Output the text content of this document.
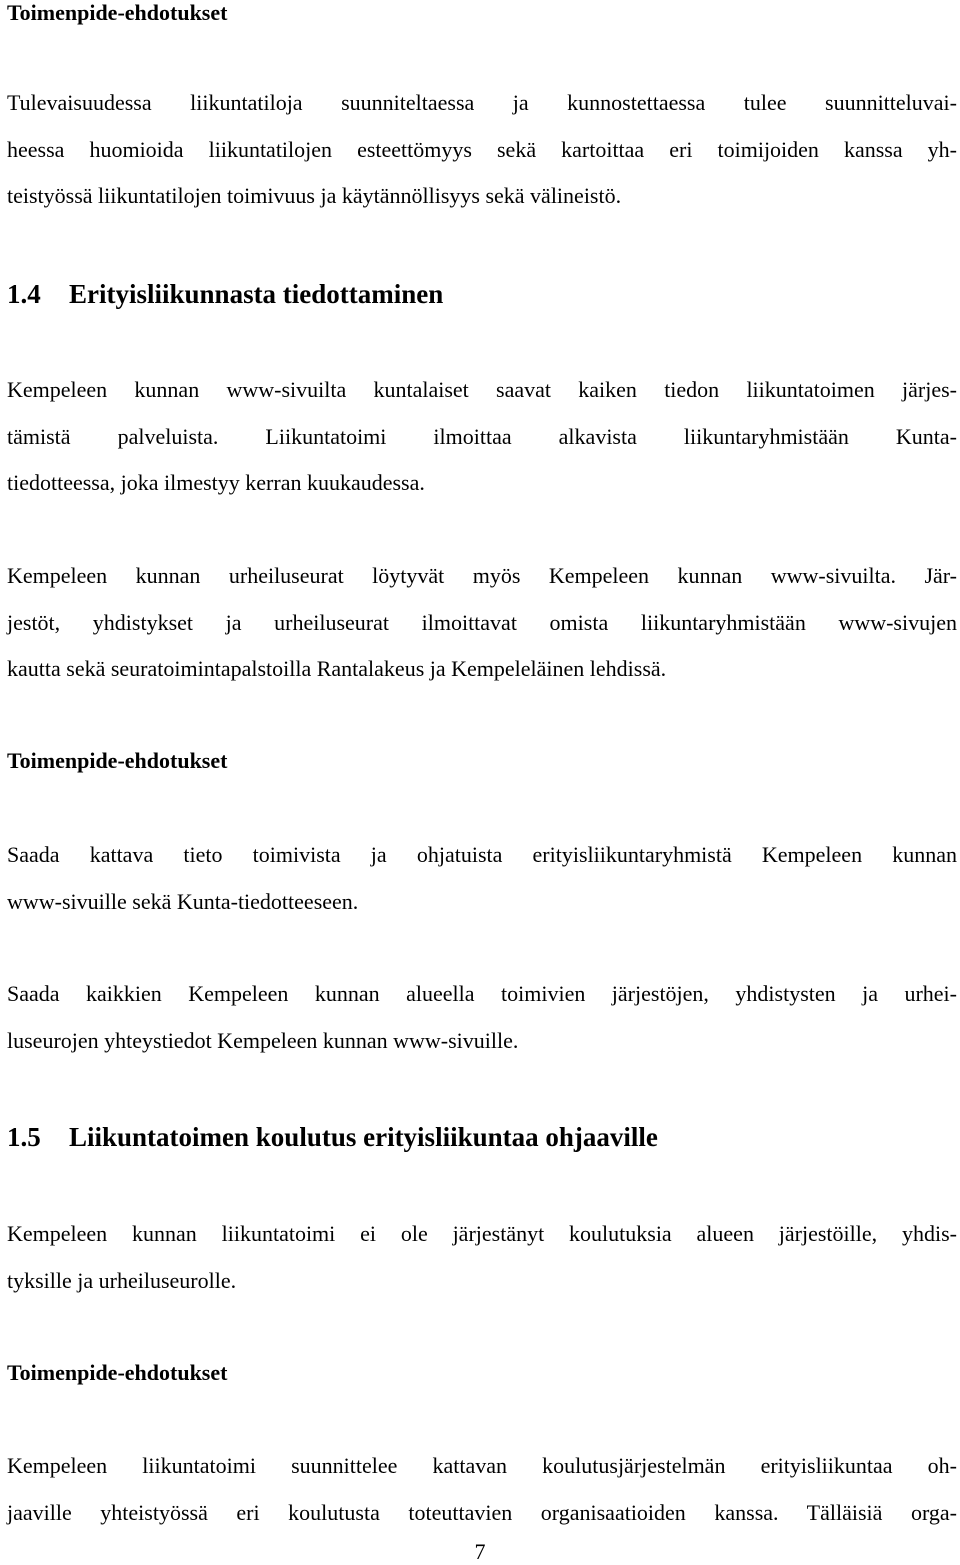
Toimenpide-ehdotukset
Tulevaisuudessa liikuntatiloja suunniteltaessa ja kunnostettaessa tulee suunnitteluvai-
heessa huomioida liikuntatilojen esteettömyys sekä kartoittaa eri toimijoiden kanssa yh-
teistyössä liikuntatilojen toimivuus ja käytännöllisyys sekä välineistö.
1.4 Erityisliikunnasta tiedottaminen
Kempeleen kunnan www-sivuilta kuntalaiset saavat kaiken tiedon liikuntatoimen järjes-
tämistä palveluista. Liikuntatoimi ilmoittaa alkavista liikuntaryhmistään Kunta-
tiedotteessa, joka ilmestyy kerran kuukaudessa.
Kempeleen kunnan urheiluseurat löytyvät myös Kempeleen kunnan www-sivuilta. Jär-
jestöt, yhdistykset ja urheiluseurat ilmoittavat omista liikuntaryhmistään www-sivujen
kautta sekä seuratoimintapalstoilla Rantalakeus ja Kempeleläinen lehdissä.
Toimenpide-ehdotukset
Saada kattava tieto toimivista ja ohjatuista erityisliikuntaryhmistä Kempeleen kunnan
www-sivuille sekä Kunta-tiedotteeseen.
Saada kaikkien Kempeleen kunnan alueella toimivien järjestöjen, yhdistysten ja urhei-
luseurojen yhteystiedot Kempeleen kunnan www-sivuille.
1.5 Liikuntatoimen koulutus erityisliikuntaa ohjaaville
Kempeleen kunnan liikuntatoimi ei ole järjestänyt koulutuksia alueen järjestöille, yhdis-
tyksille ja urheiluseurolle.
Toimenpide-ehdotukset
Kempeleen liikuntatoimi suunnittelee kattavan koulutusjärjestelmän erityisliikuntaa oh-
jaaville yhteistyössä eri koulutusta toteuttavien organisaatioiden kanssa. Tälläisiä orga-
7
